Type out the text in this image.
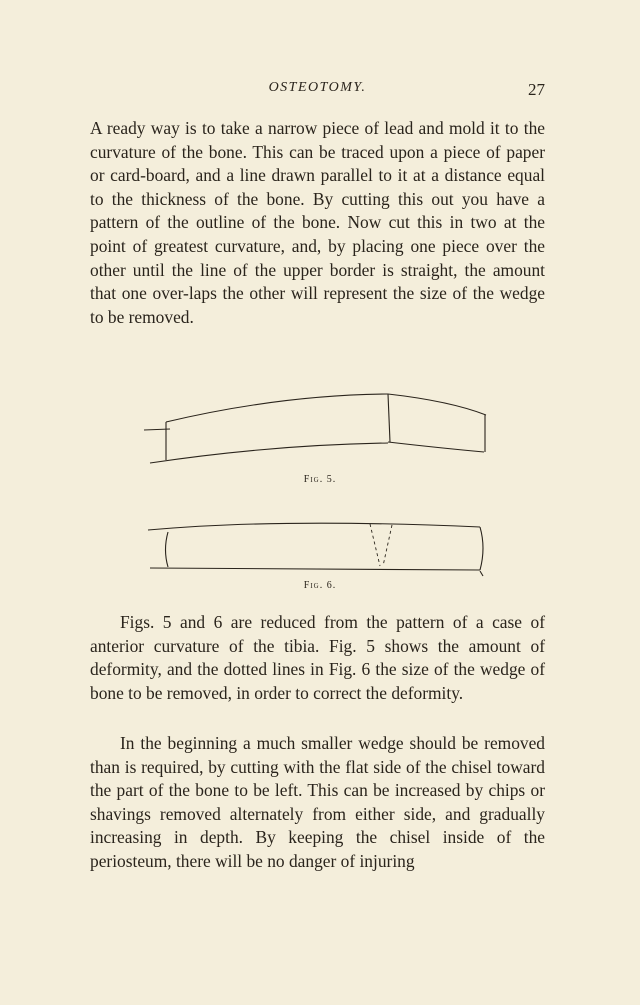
OSTEOTOMY.	27

A ready way is to take a narrow piece of lead and mold it to the curvature of the bone. This can be traced upon a piece of paper or card-board, and a line drawn parallel to it at a distance equal to the thickness of the bone. By cutting this out you have a pattern of the outline of the bone. Now cut this in two at the point of greatest curvature, and, by placing one piece over the other until the line of the upper border is straight, the amount that one over-laps the other will represent the size of the wedge to be removed.

Fig. 5.
Fig. 6.

Figs. 5 and 6 are reduced from the pattern of a case of anterior curvature of the tibia. Fig. 5 shows the amount of deformity, and the dotted lines in Fig. 6 the size of the wedge of bone to be removed, in order to correct the deformity.

In the beginning a much smaller wedge should be removed than is required, by cutting with the flat side of the chisel toward the part of the bone to be left. This can be increased by chips or shavings removed alternately from either side, and gradually increasing in depth. By keeping the chisel inside of the periosteum, there will be no danger of injuring
